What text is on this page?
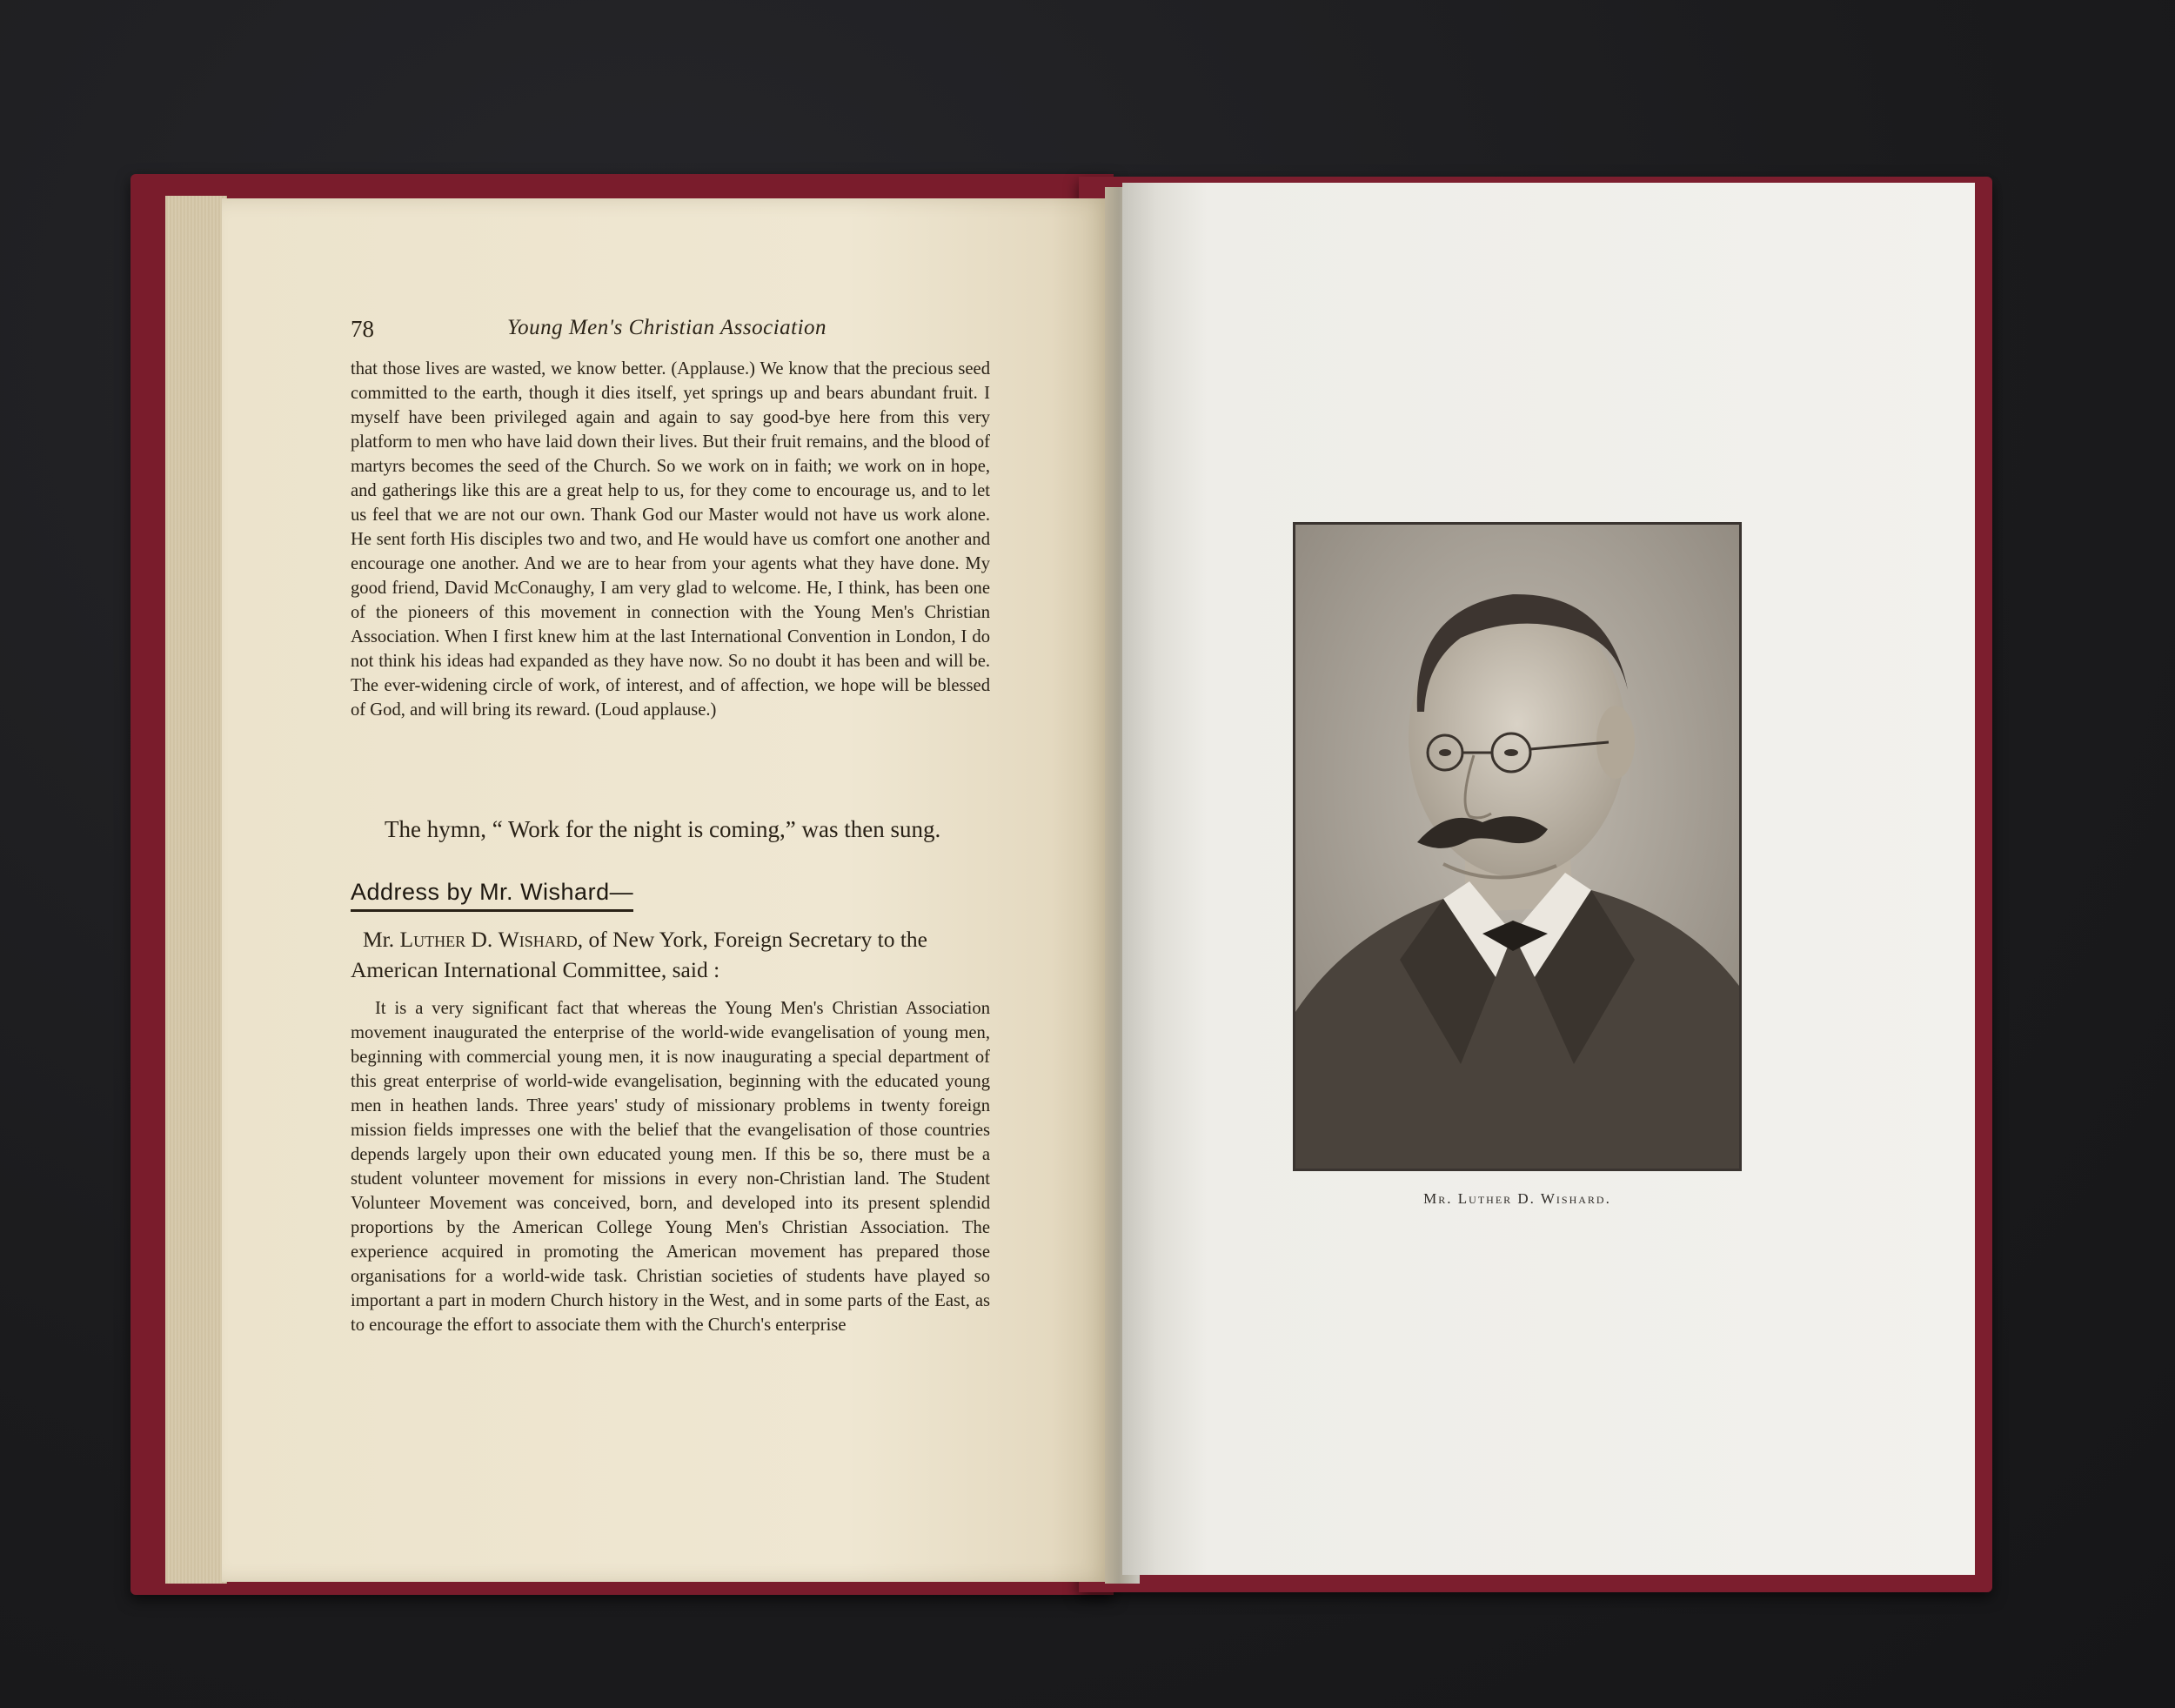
78	Young Men's Christian Association

that those lives are wasted, we know better. (Applause.) We know that the precious seed committed to the earth, though it dies itself, yet springs up and bears abundant fruit. I myself have been privileged again and again to say good-bye here from this very platform to men who have laid down their lives. But their fruit remains, and the blood of martyrs becomes the seed of the Church. So we work on in faith; we work on in hope, and gatherings like this are a great help to us, for they come to encourage us, and to let us feel that we are not our own. Thank God our Master would not have us work alone. He sent forth His disciples two and two, and He would have us comfort one another and encourage one another. And we are to hear from your agents what they have done. My good friend, David McConaughy, I am very glad to welcome. He, I think, has been one of the pioneers of this movement in connection with the Young Men's Christian Association. When I first knew him at the last International Convention in London, I do not think his ideas had expanded as they have now. So no doubt it has been and will be. The ever-widening circle of work, of interest, and of affection, we hope will be blessed of God, and will bring its reward. (Loud applause.)

The hymn, “ Work for the night is coming,” was then sung.
Address by Mr. Wishard—

Mr. Luther D. Wishard, of New York, Foreign Secretary to the American International Committee, said :

It is a very significant fact that whereas the Young Men's Christian Association movement inaugurated the enterprise of the world-wide evangelisation of young men, beginning with commercial young men, it is now inaugurating a special department of this great enterprise of world-wide evangelisation, beginning with the educated young men in heathen lands. Three years' study of missionary problems in twenty foreign mission fields impresses one with the belief that the evangelisation of those countries depends largely upon their own educated young men. If this be so, there must be a student volunteer movement for missions in every non-Christian land. The Student Volunteer Movement was conceived, born, and developed into its present splendid proportions by the American College Young Men's Christian Association. The experience acquired in promoting the American movement has prepared those organisations for a world-wide task. Christian societies of students have played so important a part in modern Church history in the West, and in some parts of the East, as to encourage the effort to associate them with the Church's enterprise

Mr. Luther D. Wishard.
